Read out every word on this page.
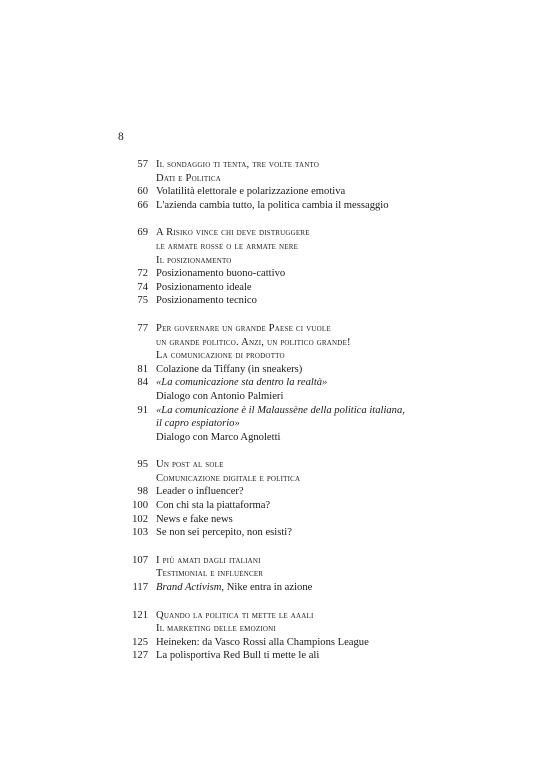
8
57 Il sondaggio ti tenta, tre volte tanto
Dati e Politica
60 Volatilità elettorale e polarizzazione emotiva
66 L'azienda cambia tutto, la politica cambia il messaggio
69 A Risiko vince chi deve distruggere
le armate rosse o le armate nere
Il posizionamento
72 Posizionamento buono-cattivo
74 Posizionamento ideale
75 Posizionamento tecnico
77 Per governare un grande Paese ci vuole
un grande politico. Anzi, un politico grande!
La comunicazione di prodotto
81 Colazione da Tiffany (in sneakers)
84 «La comunicazione sta dentro la realtà»
Dialogo con Antonio Palmieri
91 «La comunicazione è il Malaussène della politica italiana,
il capro espiatorio»
Dialogo con Marco Agnoletti
95 Un post al sole
Comunicazione digitale e politica
98 Leader o influencer?
100 Con chi sta la piattaforma?
102 News e fake news
103 Se non sei percepito, non esisti?
107 I più amati dagli italiani
Testimonial e influencer
117 Brand Activism, Nike entra in azione
121 Quando la politica ti mette le aaali
Il marketing delle emozioni
125 Heineken: da Vasco Rossi alla Champions League
127 La polisportiva Red Bull ti mette le ali
